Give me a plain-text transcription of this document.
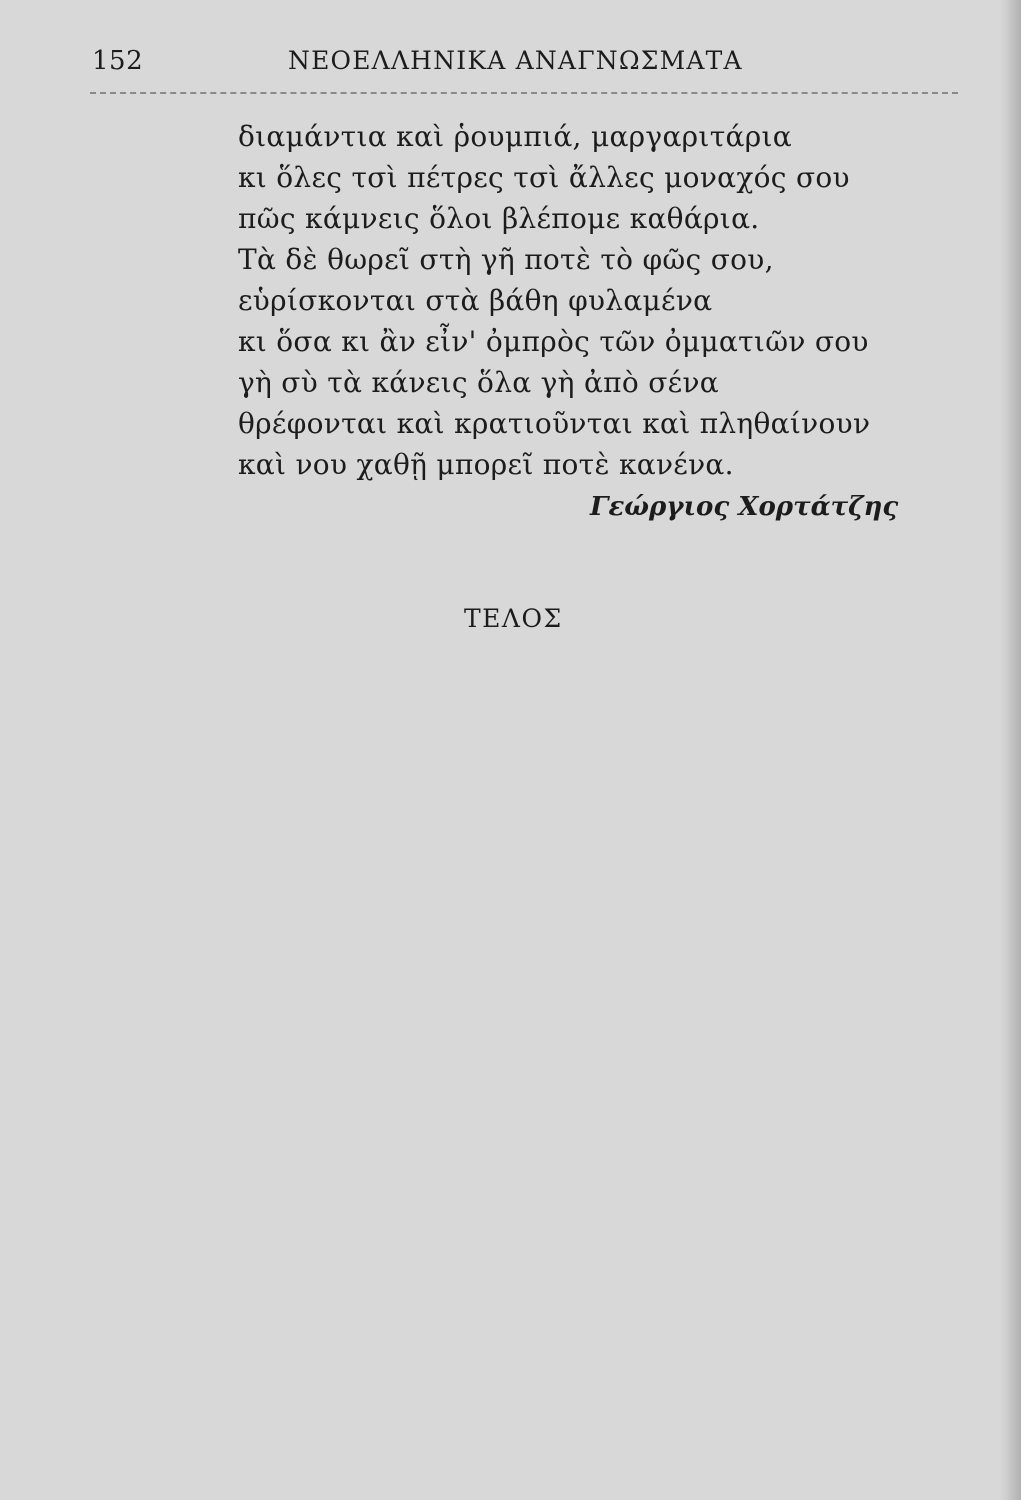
152	ΝΕΟΕΛΛΗΝΙΚΑ ΑΝΑΓΝΩΣΜΑΤΑ
διαμάντια καὶ ῥουμπιά, μαργαριτάρια
κι ὅλες τσὶ πέτρες τσὶ ἄλλες μοναχός σου
πῶς κάμνεις ὅλοι βλέπομε καθάρια.
Τὰ δὲ θωρεῖ στὴ γῆ ποτὲ τὸ φῶς σου,
εὑρίσκονται στὰ βάθη φυλαμένα
κι ὅσα κι ἂν εἶν' ὀμπρὸς τῶν ὀμματιῶν σου
γὴ σὺ τὰ κάνεις ὅλα γὴ ἀπὸ σένα
θρέφονται καὶ κρατιοῦνται καὶ πληθαίνουν
καὶ νου χαθῇ μπορεῖ ποτὲ κανένα.
Γεώργιος Χορτάτζης
ΤΕΛΟΣ
